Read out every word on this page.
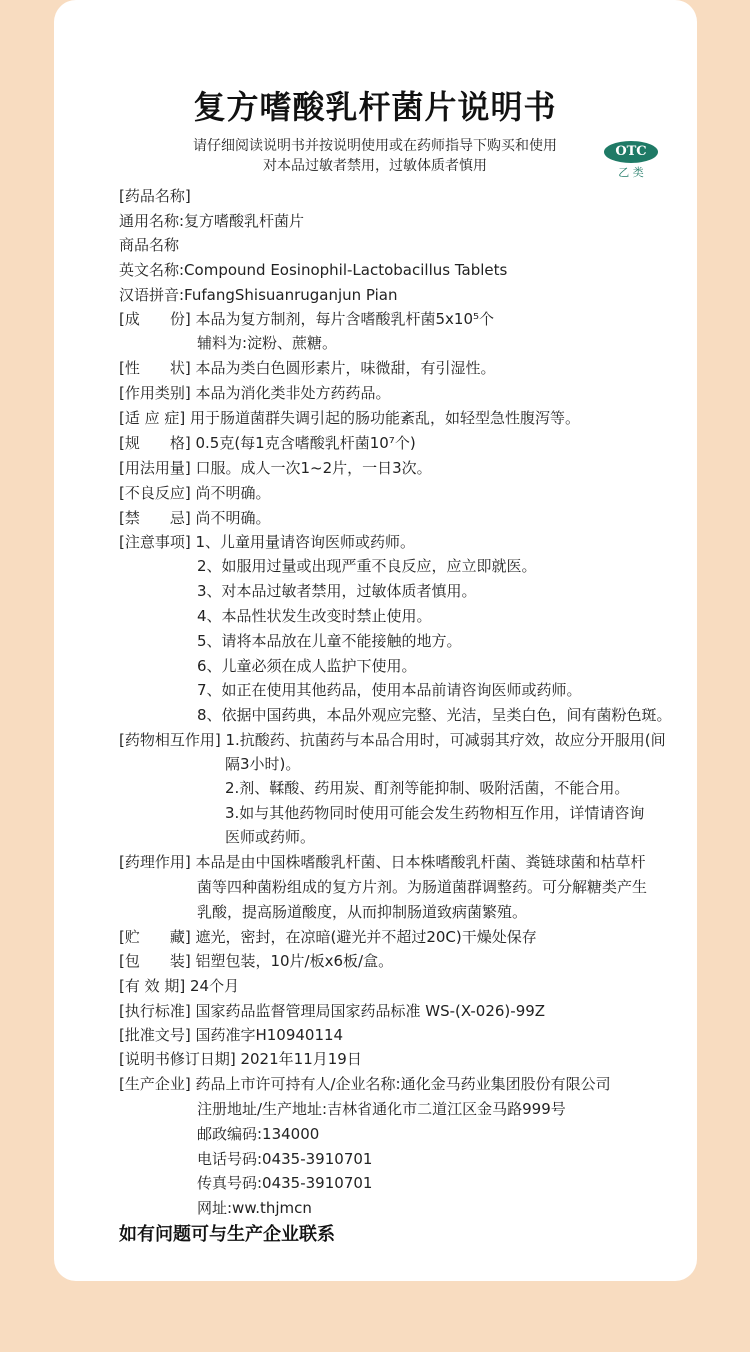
复方嗜酸乳杆菌片说明书
请仔细阅读说明书并按说明使用或在药师指导下购买和使用
对本品过敏者禁用，过敏体质者慎用
OTC
乙 类
[药品名称]
通用名称:复方嗜酸乳杆菌片
商品名称
英文名称:Compound Eosinophil-Lactobacillus Tablets
汉语拼音:FufangShisuanruganjun Pian
[成　　份] 本品为复方制剂，每片含嗜酸乳杆菌5x10⁵个
辅料为:淀粉、蔗糖。
[性　　状] 本品为类白色圆形素片，味微甜，有引湿性。
[作用类别] 本品为消化类非处方药药品。
[适 应 症] 用于肠道菌群失调引起的肠功能紊乱，如轻型急性腹泻等。
[规　　格] 0.5克(每1克含嗜酸乳杆菌10⁷个)
[用法用量] 口服。成人一次1~2片，一日3次。
[不良反应] 尚不明确。
[禁　　忌] 尚不明确。
[注意事项] 1、儿童用量请咨询医师或药师。
2、如服用过量或出现严重不良反应，应立即就医。
3、对本品过敏者禁用，过敏体质者慎用。
4、本品性状发生改变时禁止使用。
5、请将本品放在儿童不能接触的地方。
6、儿童必须在成人监护下使用。
7、如正在使用其他药品，使用本品前请咨询医师或药师。
8、依据中国药典，本品外观应完整、光洁，呈类白色，间有菌粉色斑。
[药物相互作用] 1.抗酸药、抗菌药与本品合用时，可减弱其疗效，故应分开服用(间
隔3小时)。
2.剂、鞣酸、药用炭、酊剂等能抑制、吸附活菌，不能合用。
3.如与其他药物同时使用可能会发生药物相互作用，详情请咨询
医师或药师。
[药理作用] 本品是由中国株嗜酸乳杆菌、日本株嗜酸乳杆菌、粪链球菌和枯草杆
菌等四种菌粉组成的复方片剂。为肠道菌群调整药。可分解糖类产生
乳酸，提高肠道酸度，从而抑制肠道致病菌繁殖。
[贮　　藏] 遮光，密封，在凉暗(避光并不超过20C)干燥处保存
[包　　装] 铝塑包装，10片/板x6板/盒。
[有 效 期] 24个月
[执行标准] 国家药品监督管理局国家药品标准 WS-(X-026)-99Z
[批准文号] 国药准字H10940114
[说明书修订日期] 2021年11月19日
[生产企业] 药品上市许可持有人/企业名称:通化金马药业集团股份有限公司
注册地址/生产地址:吉林省通化市二道江区金马路999号
邮政编码:134000
电话号码:0435-3910701
传真号码:0435-3910701
网址:ww.thjmcn
如有问题可与生产企业联系
